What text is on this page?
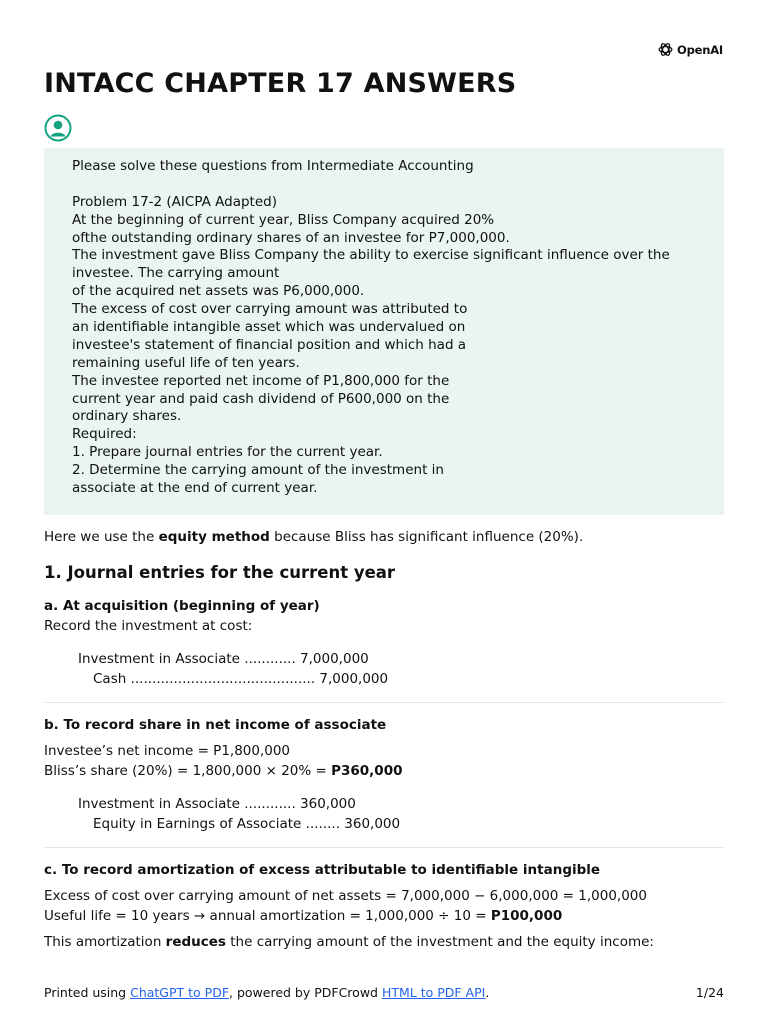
OpenAI
INTACC CHAPTER 17 ANSWERS
Please solve these questions from Intermediate Accounting
Problem 17-2 (AICPA Adapted)
At the beginning of current year, Bliss Company acquired 20%
ofthe outstanding ordinary shares of an investee for P7,000,000.
The investment gave Bliss Company the ability to exercise significant influence over the
investee. The carrying amount
of the acquired net assets was P6,000,000.
The excess of cost over carrying amount was attributed to
an identifiable intangible asset which was undervalued on
investee's statement of financial position and which had a
remaining useful life of ten years.
The investee reported net income of P1,800,000 for the
current year and paid cash dividend of P600,000 on the
ordinary shares.
Required:
1. Prepare journal entries for the current year.
2. Determine the carrying amount of the investment in
associate at the end of current year.

Here we use the equity method because Bliss has significant influence (20%).

1. Journal entries for the current year
a. At acquisition (beginning of year)

Record the investment at cost:

Investment in Associate ............ 7,000,000
Cash ........................................... 7,000,000
b. To record share in net income of associate

Investee’s net income = P1,800,000

Bliss’s share (20%) = 1,800,000 × 20% = P360,000

Investment in Associate ............ 360,000
Equity in Earnings of Associate ........ 360,000
c. To record amortization of excess attributable to identifiable intangible

Excess of cost over carrying amount of net assets = 7,000,000 − 6,000,000 = 1,000,000

Useful life = 10 years → annual amortization = 1,000,000 ÷ 10 = P100,000

This amortization reduces the carrying amount of the investment and the equity income:

Printed using ChatGPT to PDF, powered by PDFCrowd HTML to PDF API.	1/24
